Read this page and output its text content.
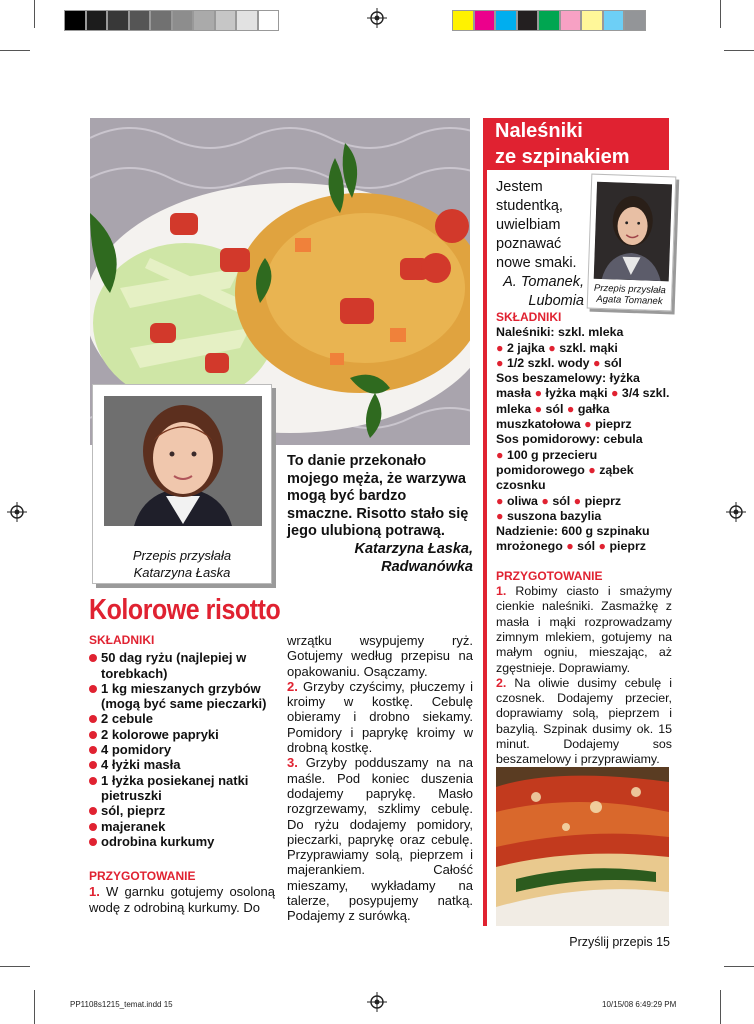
Przepis przysłała
Katarzyna Łaska
To danie przekonało mojego męża, że warzywa mogą być bardzo smaczne. Risotto stało się jego ulubioną potrawą.
Katarzyna Łaska,
Radwanówka
Kolorowe risotto
SKŁADNIKI
50 dag ryżu (najlepiej w torebkach)
1 kg mieszanych grzybów (mogą być same pieczarki)
2 cebule
2 kolorowe papryki
4 pomidory
4 łyżki masła
1 łyżka posiekanej natki pietruszki
sól, pieprz
majeranek
odrobina kurkumy
PRZYGOTOWANIE

1. W garnku gotujemy osoloną wodę z odrobiną kurkumy. Do

wrzątku wsypujemy ryż. Gotujemy według przepisu na opakowaniu. Osączamy.

2. Grzyby czyścimy, płuczemy i kroimy w kostkę. Cebulę obieramy i drobno siekamy. Pomidory i paprykę kroimy w drobną kostkę.

3. Grzyby podduszamy na na maśle. Pod koniec duszenia dodajemy paprykę. Masło rozgrzewamy, szklimy cebulę. Do ryżu dodajemy pomidory, pieczarki, paprykę oraz cebulę. Przyprawiamy solą, pieprzem i majerankiem. Całość mieszamy, wykładamy na talerze, posypujemy natką. Podajemy z surówką.

Naleśniki
ze szpinakiem
Jestem studentką, uwielbiam poznawać nowe smaki.
A. Tomanek,
Lubomia
Przepis przysłała
Agata Tomanek
SKŁADNIKI
Naleśniki: szkl. mleka
● 2 jajka ● szkl. mąki
● 1/2 szkl. wody ● sól
Sos beszamelowy: łyżka masła ● łyżka mąki ● 3/4 szkl. mleka ● sól ● gałka muszkatołowa ● pieprz
Sos pomidorowy: cebula
● 100 g przecieru pomidorowego ● ząbek czosnku
● oliwa ● sól ● pieprz
● suszona bazylia
Nadzienie: 600 g szpinaku mrożonego ● sól ● pieprz
PRZYGOTOWANIE

1. Robimy ciasto i smażymy cienkie naleśniki. Zasmażkę z masła i mąki rozprowadzamy zimnym mlekiem, gotujemy na małym ogniu, mieszając, aż zgęstnieje. Doprawiamy.

2. Na oliwie dusimy cebulę i czosnek. Dodajemy przecier, doprawiamy solą, pieprzem i bazylią. Szpinak dusimy ok. 15 minut. Dodajemy sos beszamelowy i przyprawiamy.

Przyślij przepis 15
PP1108s1215_temat.indd 15	10/15/08 6:49:29 PM
